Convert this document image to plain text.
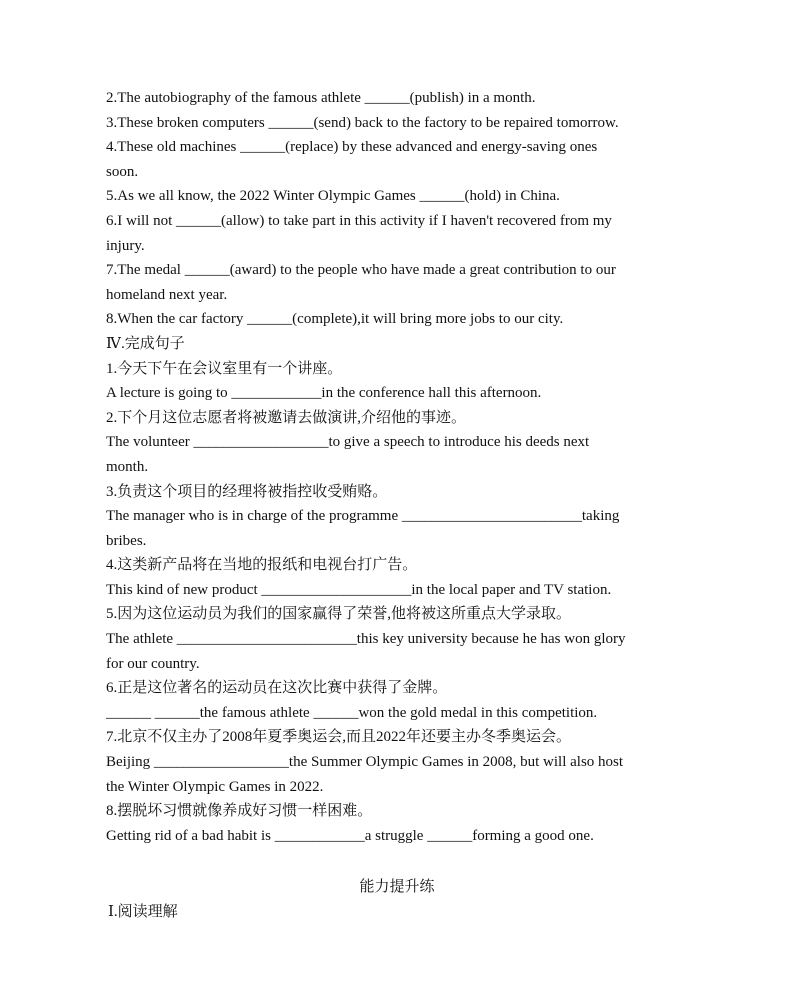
2.The autobiography of the famous athlete ______(publish) in a month.
3.These broken computers ______(send) back to the factory to be repaired tomorrow.
4.These old machines ______(replace) by these advanced and energy-saving ones
soon.
5.As we all know, the 2022 Winter Olympic Games ______(hold) in China.
6.I will not ______(allow) to take part in this activity if I haven't recovered from my
injury.
7.The medal ______(award) to the people who have made a great contribution to our
homeland next year.
8.When the car factory ______(complete),it will bring more jobs to our city.
Ⅳ.完成句子
1.今天下午在会议室里有一个讲座。
A lecture is going to ____________in the conference hall this afternoon.
2.下个月这位志愿者将被邀请去做演讲,介绍他的事迹。
The volunteer __________________to give a speech to introduce his deeds next
month.
3.负责这个项目的经理将被指控收受贿赂。
The manager who is in charge of the programme ________________________taking
bribes.
4.这类新产品将在当地的报纸和电视台打广告。
This kind of new product ____________________in the local paper and TV station.
5.因为这位运动员为我们的国家赢得了荣誉,他将被这所重点大学录取。
The athlete ________________________this key university because he has won glory
for our country.
6.正是这位著名的运动员在这次比赛中获得了金牌。
______ ______the famous athlete ______won the gold medal in this competition.
7.北京不仅主办了2008年夏季奥运会,而且2022年还要主办冬季奥运会。
Beijing __________________the Summer Olympic Games in 2008, but will also host
the Winter Olympic Games in 2022.
8.摆脱坏习惯就像养成好习惯一样困难。
Getting rid of a bad habit is ____________a struggle ______forming a good one.
能力提升练
Ⅰ.阅读理解
